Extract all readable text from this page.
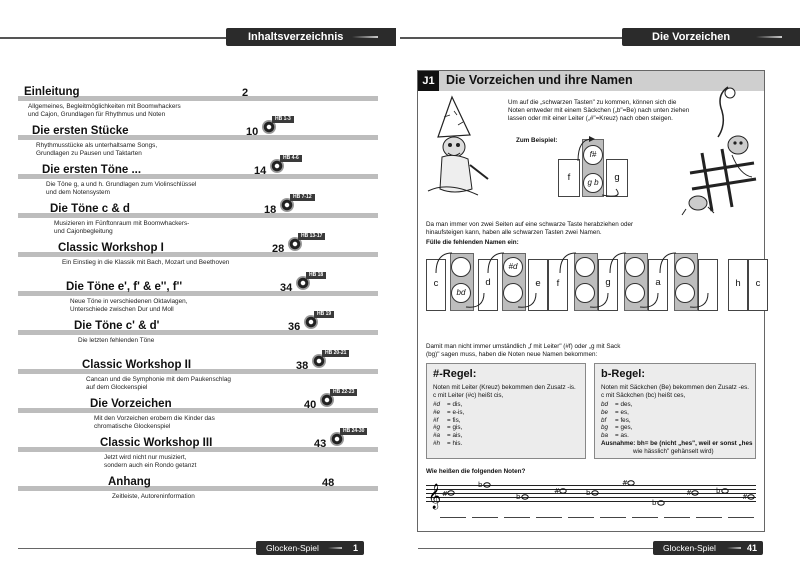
Inhaltsverzeichnis
Einleitung	2
Allgemeines, Begleitmöglichkeiten mit Boomwhackers
und Cajon, Grundlagen für Rhythmus und Noten
Die ersten Stücke	10
HB 1-3
Rhythmusstücke als unterhaltsame Songs,
Grundlagen zu Pausen und Taktarten
Die ersten Töne ...	14
HB 4-6
Die Töne g, a und h. Grundlagen zum Violinschlüssel
und dem Notensystem
Die Töne c & d	18
HB 7-12
Musizieren im Fünftonraum mit Boomwhackers-
und Cajonbegleitung
Classic Workshop I	28
HB 13-17
Ein Einstieg in die Klassik mit Bach, Mozart und Beethoven
Die Töne e', f' & e'', f''	34
HB 18
Neue Töne in verschiedenen Oktavlagen,
Unterschiede zwischen Dur und Moll
Die Töne c' & d'	36
HB 19
Die letzten fehlenden Töne
Classic Workshop II	38
HB 20-21
Cancan und die Symphonie mit dem Paukenschlag
auf dem Glockenspiel
Die Vorzeichen	40
HB 22-23
Mit den Vorzeichen erobern die Kinder das
chromatische Glockenspiel
Classic Workshop III	43
HB 24-30
Jetzt wird nicht nur musiziert,
sondern auch ein Rondo getanzt
Anhang	48
Zeitleiste, Autoreninformation
Glocken-Spiel	1
Die Vorzeichen
J1 Die Vorzeichen und ihre Namen
Um auf die „schwarzen Tasten" zu kommen, können sich die
Noten entweder mit einem Säckchen („b"=Be) nach unten ziehen
lassen oder mit einer Leiter („#"=Kreuz) nach oben steigen.
Zum Beispiel:
f
f#
g b	g
Da man immer von zwei Seiten auf eine schwarze Taste herabziehen oder
hinaufsteigen kann, haben alle schwarzen Tasten zwei Namen.
Fülle die fehlenden Namen ein:
c	e	f	h	c
bd
#d
d	g	a
Damit man nicht immer umständlich „f mit Leiter" (#f) oder „g mit Sack
(bg)" sagen muss, haben die Noten neue Namen bekommen:
#-Regel:
Noten mit Leiter (Kreuz) bekommen den Zusatz -is.
c mit Leiter (#c) heißt cis,
#d = dis,
#e = e-is,
#f = fis,
#g = gis,
#a = ais,
#h = his.
b-Regel:
Noten mit Säckchen (Be) bekommen den Zusatz -es.
c mit Säckchen (bc) heißt ces,
bd = des,
be = es,
bf = fes,
bg = ges,
ba = as.
Ausnahme: bh= be (nicht „hes", weil er sonst „hes
wie hässlich" gehänselt wird)
Wie heißen die folgenden Noten?
𝄞 #
b
b
#	b
#
b
#	b
#
Glocken-Spiel	41
